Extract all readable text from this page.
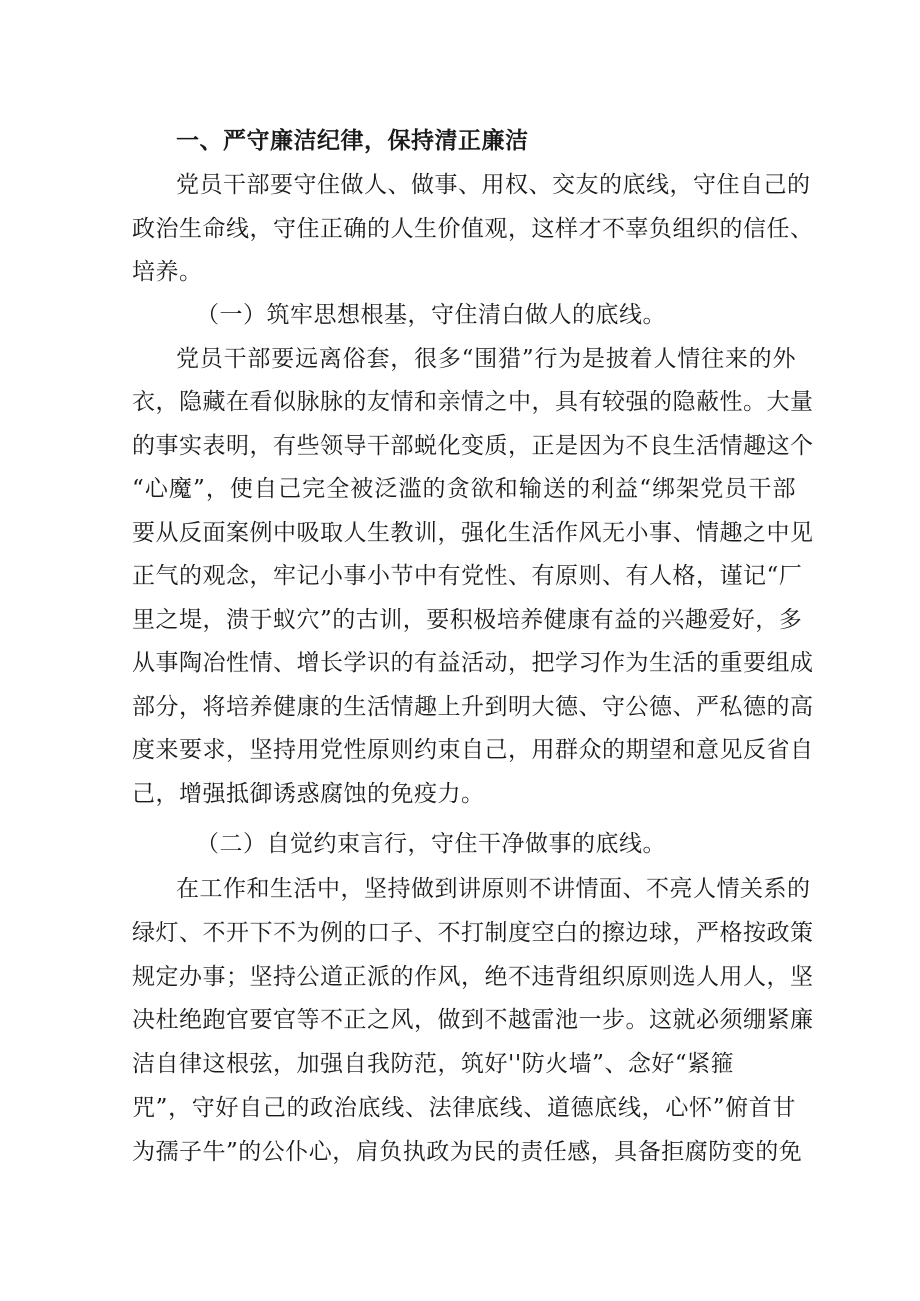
一、严守廉洁纪律，保持清正廉洁
党员干部要守住做人、做事、用权、交友的底线，守住自己的
政治生命线，守住正确的人生价值观，这样才不辜负组织的信任、
培养。
（一）筑牢思想根基，守住清白做人的底线。
党员干部要远离俗套，很多“围猎”行为是披着人情往来的外
衣，隐藏在看似脉脉的友情和亲情之中，具有较强的隐蔽性。大量
的事实表明，有些领导干部蜕化变质，正是因为不良生活情趣这个
“心魔”，使自己完全被泛滥的贪欲和输送的利益“绑架党员干部
要从反面案例中吸取人生教训，强化生活作风无小事、情趣之中见
正气的观念，牢记小事小节中有党性、有原则、有人格，谨记“厂
里之堤，溃于蚁穴”的古训，要积极培养健康有益的兴趣爱好，多
从事陶冶性情、增长学识的有益活动，把学习作为生活的重要组成
部分，将培养健康的生活情趣上升到明大德、守公德、严私德的高
度来要求，坚持用党性原则约束自己，用群众的期望和意见反省自
己，增强抵御诱惑腐蚀的免疫力。
（二）自觉约束言行，守住干净做事的底线。
在工作和生活中，坚持做到讲原则不讲情面、不亮人情关系的
绿灯、不开下不为例的口子、不打制度空白的擦边球，严格按政策
规定办事；坚持公道正派的作风，绝不违背组织原则选人用人，坚
决杜绝跑官要官等不正之风，做到不越雷池一步。这就必须绷紧廉
洁自律这根弦，加强自我防范，筑好''防火墙”、念好“紧箍
咒”，守好自己的政治底线、法律底线、道德底线，心怀”俯首甘
为孺子牛”的公仆心，肩负执政为民的责任感，具备拒腐防变的免
